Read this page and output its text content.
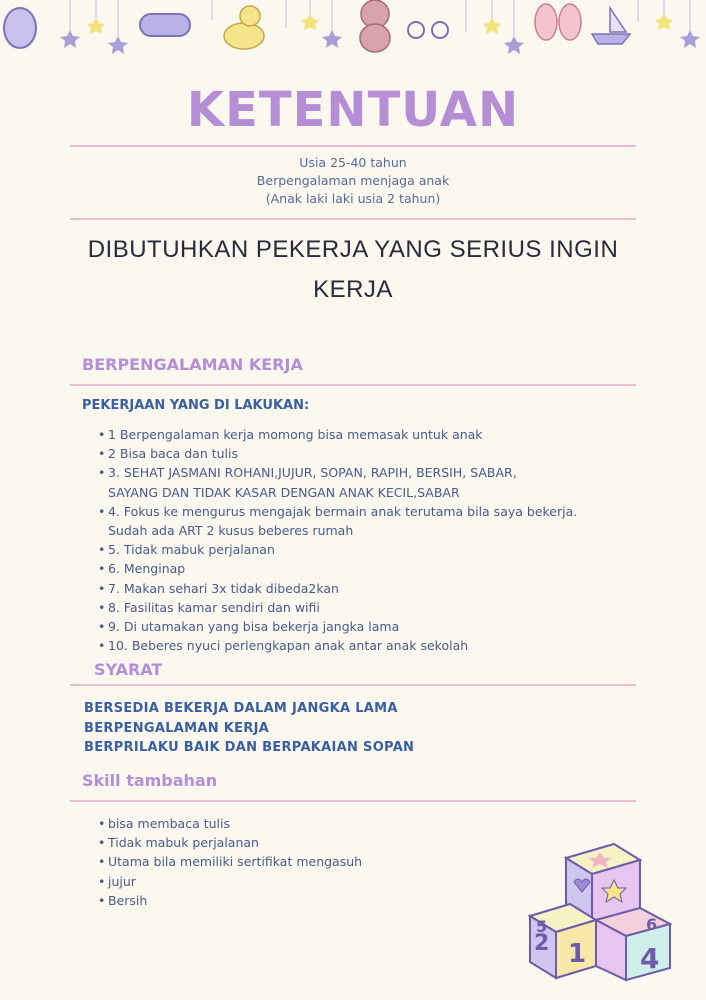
KETENTUAN
Usia 25-40 tahun
Berpengalaman menjaga anak
(Anak laki laki usia 2 tahun)
DIBUTUHKAN PEKERJA YANG SERIUS INGIN
KERJA
BERPENGALAMAN KERJA
PEKERJAAN YANG DI LAKUKAN:
• 1 Berpengalaman kerja momong bisa memasak untuk anak
• 2 Bisa baca dan tulis
• 3. SEHAT JASMANI ROHANI,JUJUR, SOPAN, RAPIH, BERSIH, SABAR,
SAYANG DAN TIDAK KASAR DENGAN ANAK KECIL,SABAR
• 4. Fokus ke mengurus mengajak bermain anak terutama bila saya bekerja.
Sudah ada ART 2 kusus beberes rumah
• 5. Tidak mabuk perjalanan
• 6. Menginap
• 7. Makan sehari 3x tidak dibeda2kan
• 8. Fasilitas kamar sendiri dan wifii
• 9. Di utamakan yang bisa bekerja jangka lama
• 10. Beberes nyuci perlengkapan anak antar anak sekolah
SYARAT
BERSEDIA BEKERJA DALAM JANGKA LAMA
BERPENGALAMAN KERJA
BERPRILAKU BAIK DAN BERPAKAIAN SOPAN
Skill tambahan
• bisa membaca tulis
• Tidak mabuk perjalanan
• Utama bila memiliki sertifikat mengasuh
• jujur
• Bersih
2 1 4
5	6
